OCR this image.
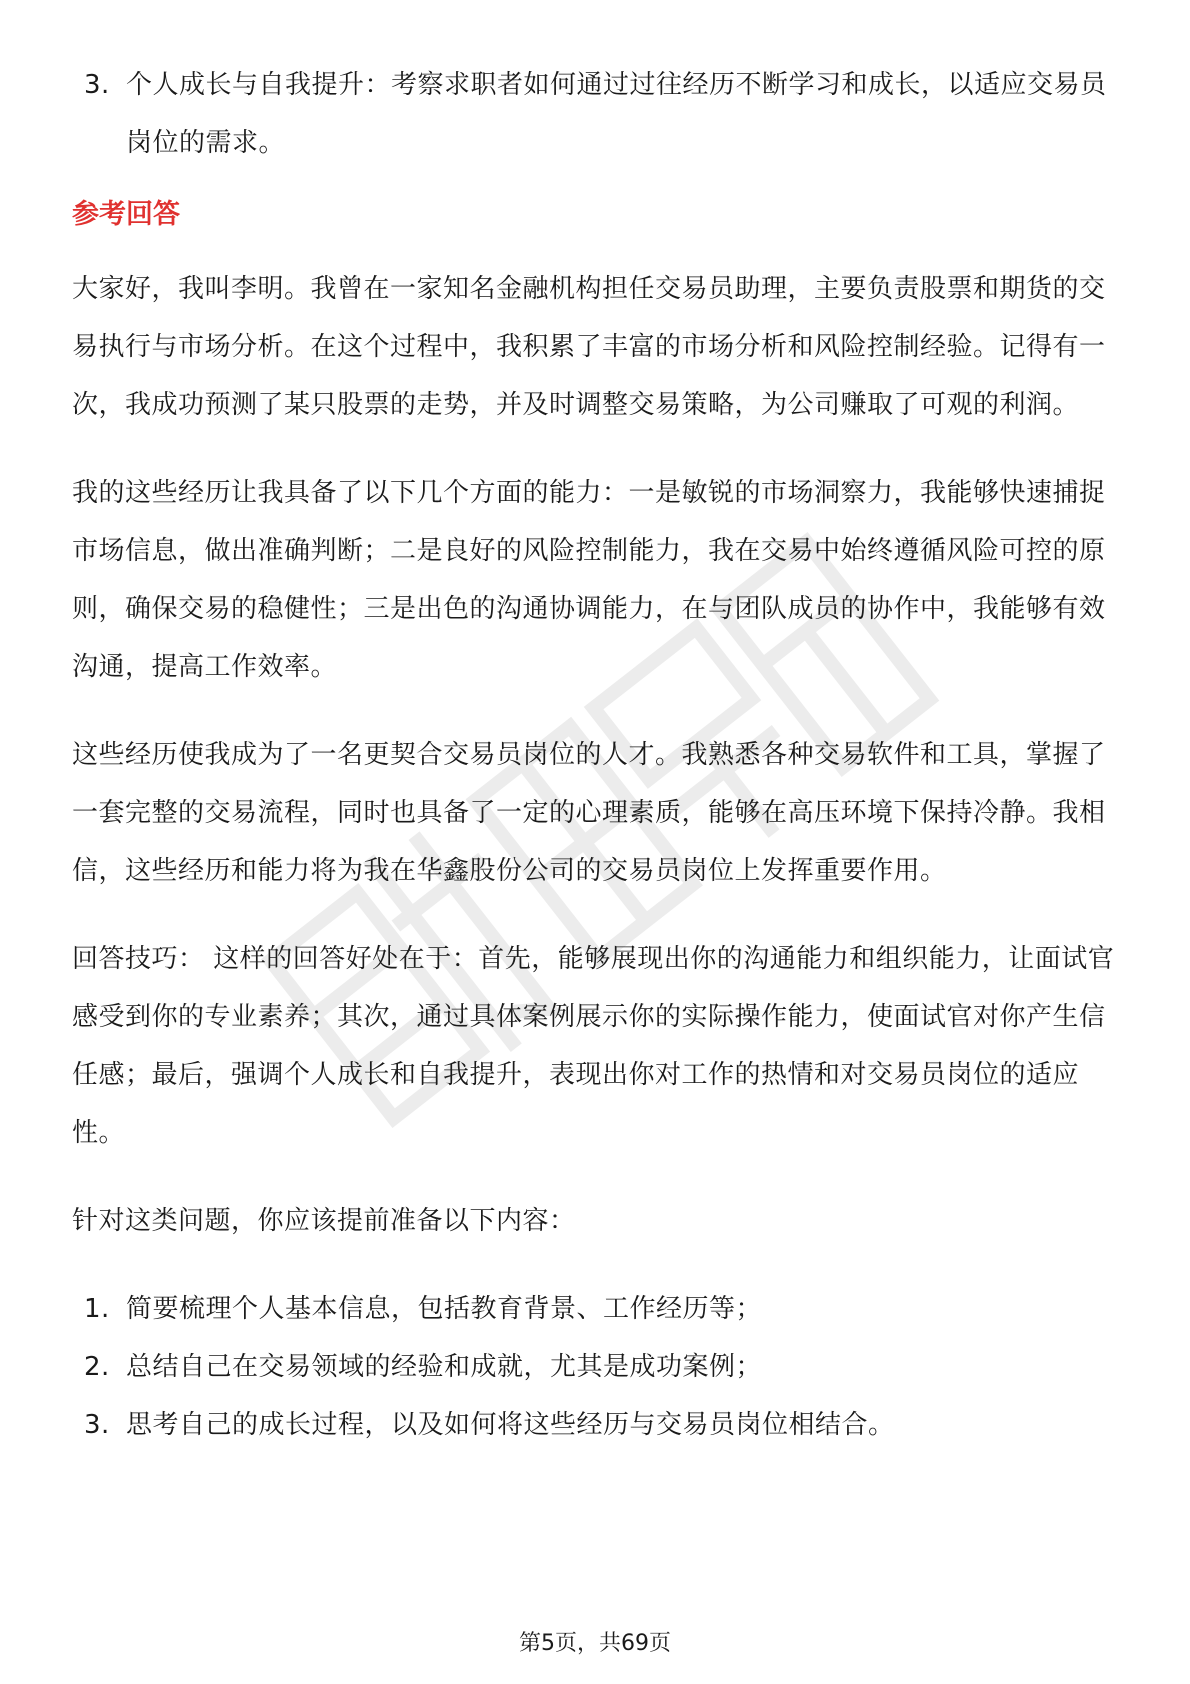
3. 个人成长与自我提升：考察求职者如何通过过往经历不断学习和成长，以适应交易员岗位的需求。
参考回答

大家好，我叫李明。我曾在一家知名金融机构担任交易员助理，主要负责股票和期货的交易执行与市场分析。在这个过程中，我积累了丰富的市场分析和风险控制经验。记得有一次，我成功预测了某只股票的走势，并及时调整交易策略，为公司赚取了可观的利润。

我的这些经历让我具备了以下几个方面的能力：一是敏锐的市场洞察力，我能够快速捕捉市场信息，做出准确判断；二是良好的风险控制能力，我在交易中始终遵循风险可控的原则，确保交易的稳健性；三是出色的沟通协调能力，在与团队成员的协作中，我能够有效沟通，提高工作效率。

这些经历使我成为了一名更契合交易员岗位的人才。我熟悉各种交易软件和工具，掌握了一套完整的交易流程，同时也具备了一定的心理素质，能够在高压环境下保持冷静。我相信，这些经历和能力将为我在华鑫股份公司的交易员岗位上发挥重要作用。

回答技巧： 这样的回答好处在于：首先，能够展现出你的沟通能力和组织能力，让面试官感受到你的专业素养；其次，通过具体案例展示你的实际操作能力，使面试官对你产生信任感；最后，强调个人成长和自我提升，表现出你对工作的热情和对交易员岗位的适应性。

针对这类问题，你应该提前准备以下内容：

1. 简要梳理个人基本信息，包括教育背景、工作经历等；
2. 总结自己在交易领域的经验和成就，尤其是成功案例；
3. 思考自己的成长过程，以及如何将这些经历与交易员岗位相结合。
第5页，共69页
